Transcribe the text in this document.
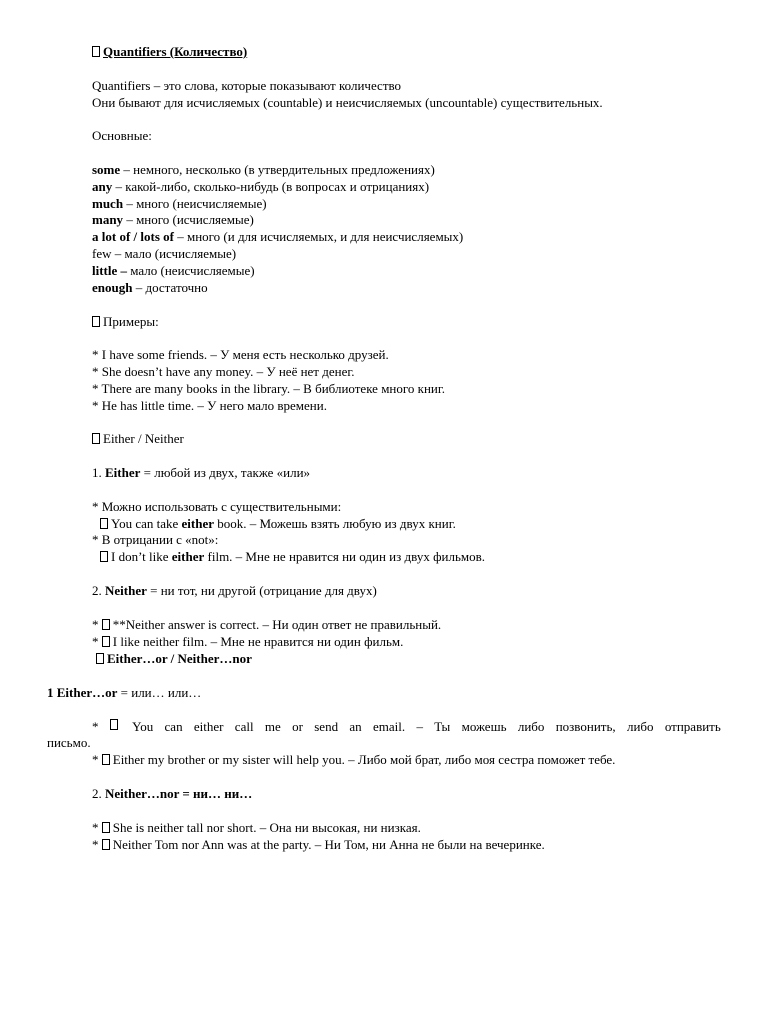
Quantifiers (Количество)
Quantifiers – это слова, которые показывают количество
Они бывают для исчисляемых (countable) и неисчисляемых (uncountable) существительных.
Основные:
some – немного, несколько (в утвердительных предложениях)
any – какой-либо, сколько-нибудь (в вопросах и отрицаниях)
much – много (неисчисляемые)
many – много (исчисляемые)
a lot of / lots of – много (и для исчисляемых, и для неисчисляемых)
few – мало (исчисляемые)
little – мало (неисчисляемые)
enough – достаточно
Примеры:
* I have some friends. – У меня есть несколько друзей.
* She doesn’t have any money. – У неё нет денег.
* There are many books in the library. – В библиотеке много книг.
* He has little time. – У него мало времени.
Either / Neither
1. Either = любой из двух, также «или»
* Можно использовать с существительными:
You can take either book. – Можешь взять любую из двух книг.
* В отрицании с «not»:
I don’t like either film. – Мне не нравится ни один из двух фильмов.
2. Neither = ни тот, ни другой (отрицание для двух)
* **Neither answer is correct. – Ни один ответ не правильный.
* I like neither film. – Мне не нравится ни один фильм.
Either…or / Neither…nor
1 Either…or = или… или…
*	You can either call me or send an email. – Ты можешь либо позвонить, либо отправить
письмо.
* Either my brother or my sister will help you. – Либо мой брат, либо моя сестра поможет тебе.
2. Neither…nor = ни… ни…
* She is neither tall nor short. – Она ни высокая, ни низкая.
* Neither Tom nor Ann was at the party. – Ни Том, ни Анна не были на вечеринке.
